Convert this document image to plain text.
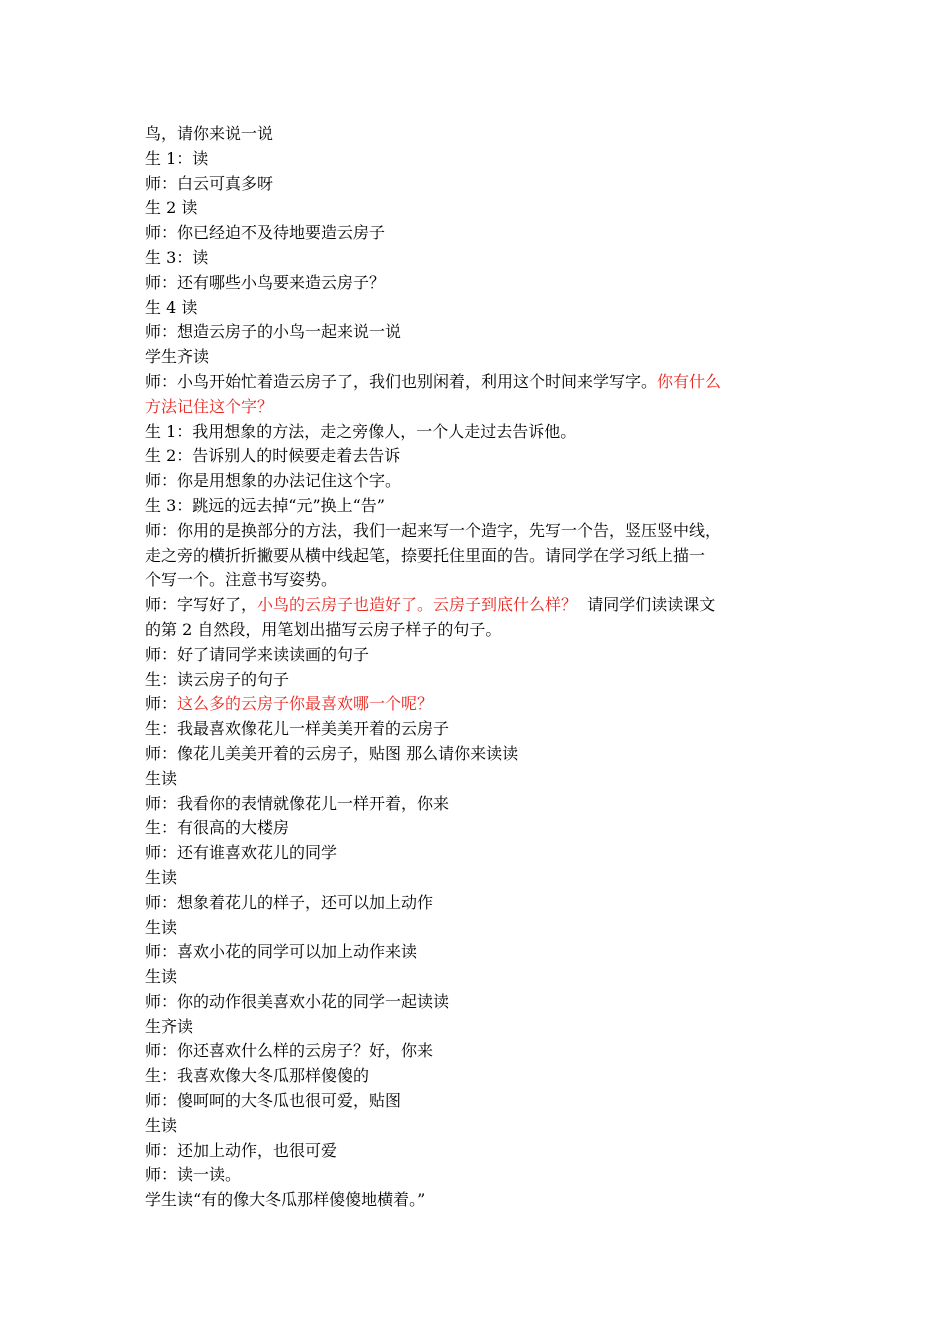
鸟，请你来说一说
生 1：读
师：白云可真多呀
生 2 读
师：你已经迫不及待地要造云房子
生 3：读
师：还有哪些小鸟要来造云房子？
生 4 读
师：想造云房子的小鸟一起来说一说
学生齐读
师：小鸟开始忙着造云房子了，我们也别闲着，利用这个时间来学写字。你有什么
方法记住这个字？
生 1：我用想象的方法，走之旁像人，一个人走过去告诉他。
生 2：告诉别人的时候要走着去告诉
师：你是用想象的办法记住这个字。
生 3：跳远的远去掉“元”换上“告”
师：你用的是换部分的方法，我们一起来写一个造字，先写一个告，竖压竖中线，
走之旁的横折折撇要从横中线起笔，捺要托住里面的告。请同学在学习纸上描一
个写一个。注意书写姿势。
师：字写好了，小鸟的云房子也造好了。云房子到底什么样？  请同学们读读课文
的第 2 自然段，用笔划出描写云房子样子的句子。
师：好了请同学来读读画的句子
生：读云房子的句子
师：这么多的云房子你最喜欢哪一个呢？
生：我最喜欢像花儿一样美美开着的云房子
师：像花儿美美开着的云房子，贴图 那么请你来读读
生读
师：我看你的表情就像花儿一样开着，你来
生：有很高的大楼房
师：还有谁喜欢花儿的同学
生读
师：想象着花儿的样子，还可以加上动作
生读
师：喜欢小花的同学可以加上动作来读
生读
师：你的动作很美喜欢小花的同学一起读读
生齐读
师：你还喜欢什么样的云房子？好，你来
生：我喜欢像大冬瓜那样傻傻的
师：傻呵呵的大冬瓜也很可爱，贴图
生读
师：还加上动作，也很可爱
师：读一读。
学生读“有的像大冬瓜那样傻傻地横着。”
